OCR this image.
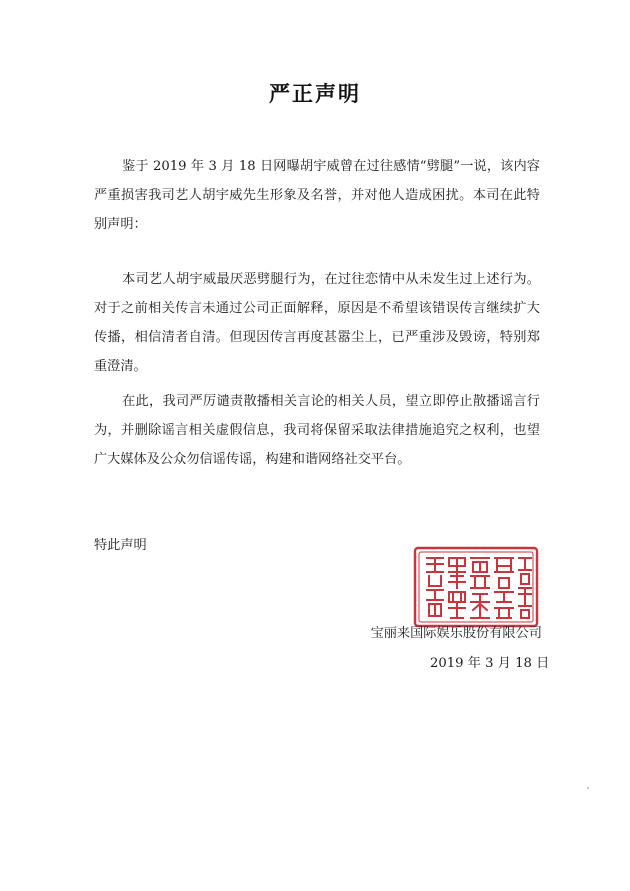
严正声明
鉴于 2019 年 3 月 18 日网曝胡宇威曾在过往感情“劈腿”一说，该内容严重损害我司艺人胡宇威先生形象及名誉，并对他人造成困扰。本司在此特别声明：
本司艺人胡宇威最厌恶劈腿行为，在过往恋情中从未发生过上述行为。对于之前相关传言未通过公司正面解释，原因是不希望该错误传言继续扩大传播，相信清者自清。但现因传言再度甚嚣尘上，已严重涉及毁谤，特别郑重澄清。
在此，我司严厉谴责散播相关言论的相关人员，望立即停止散播谣言行为，并删除谣言相关虚假信息，我司将保留采取法律措施追究之权利，也望广大媒体及公众勿信谣传谣，构建和谐网络社交平台。
特此声明
宝丽来国际娱乐股份有限公司
2019 年 3 月 18 日
